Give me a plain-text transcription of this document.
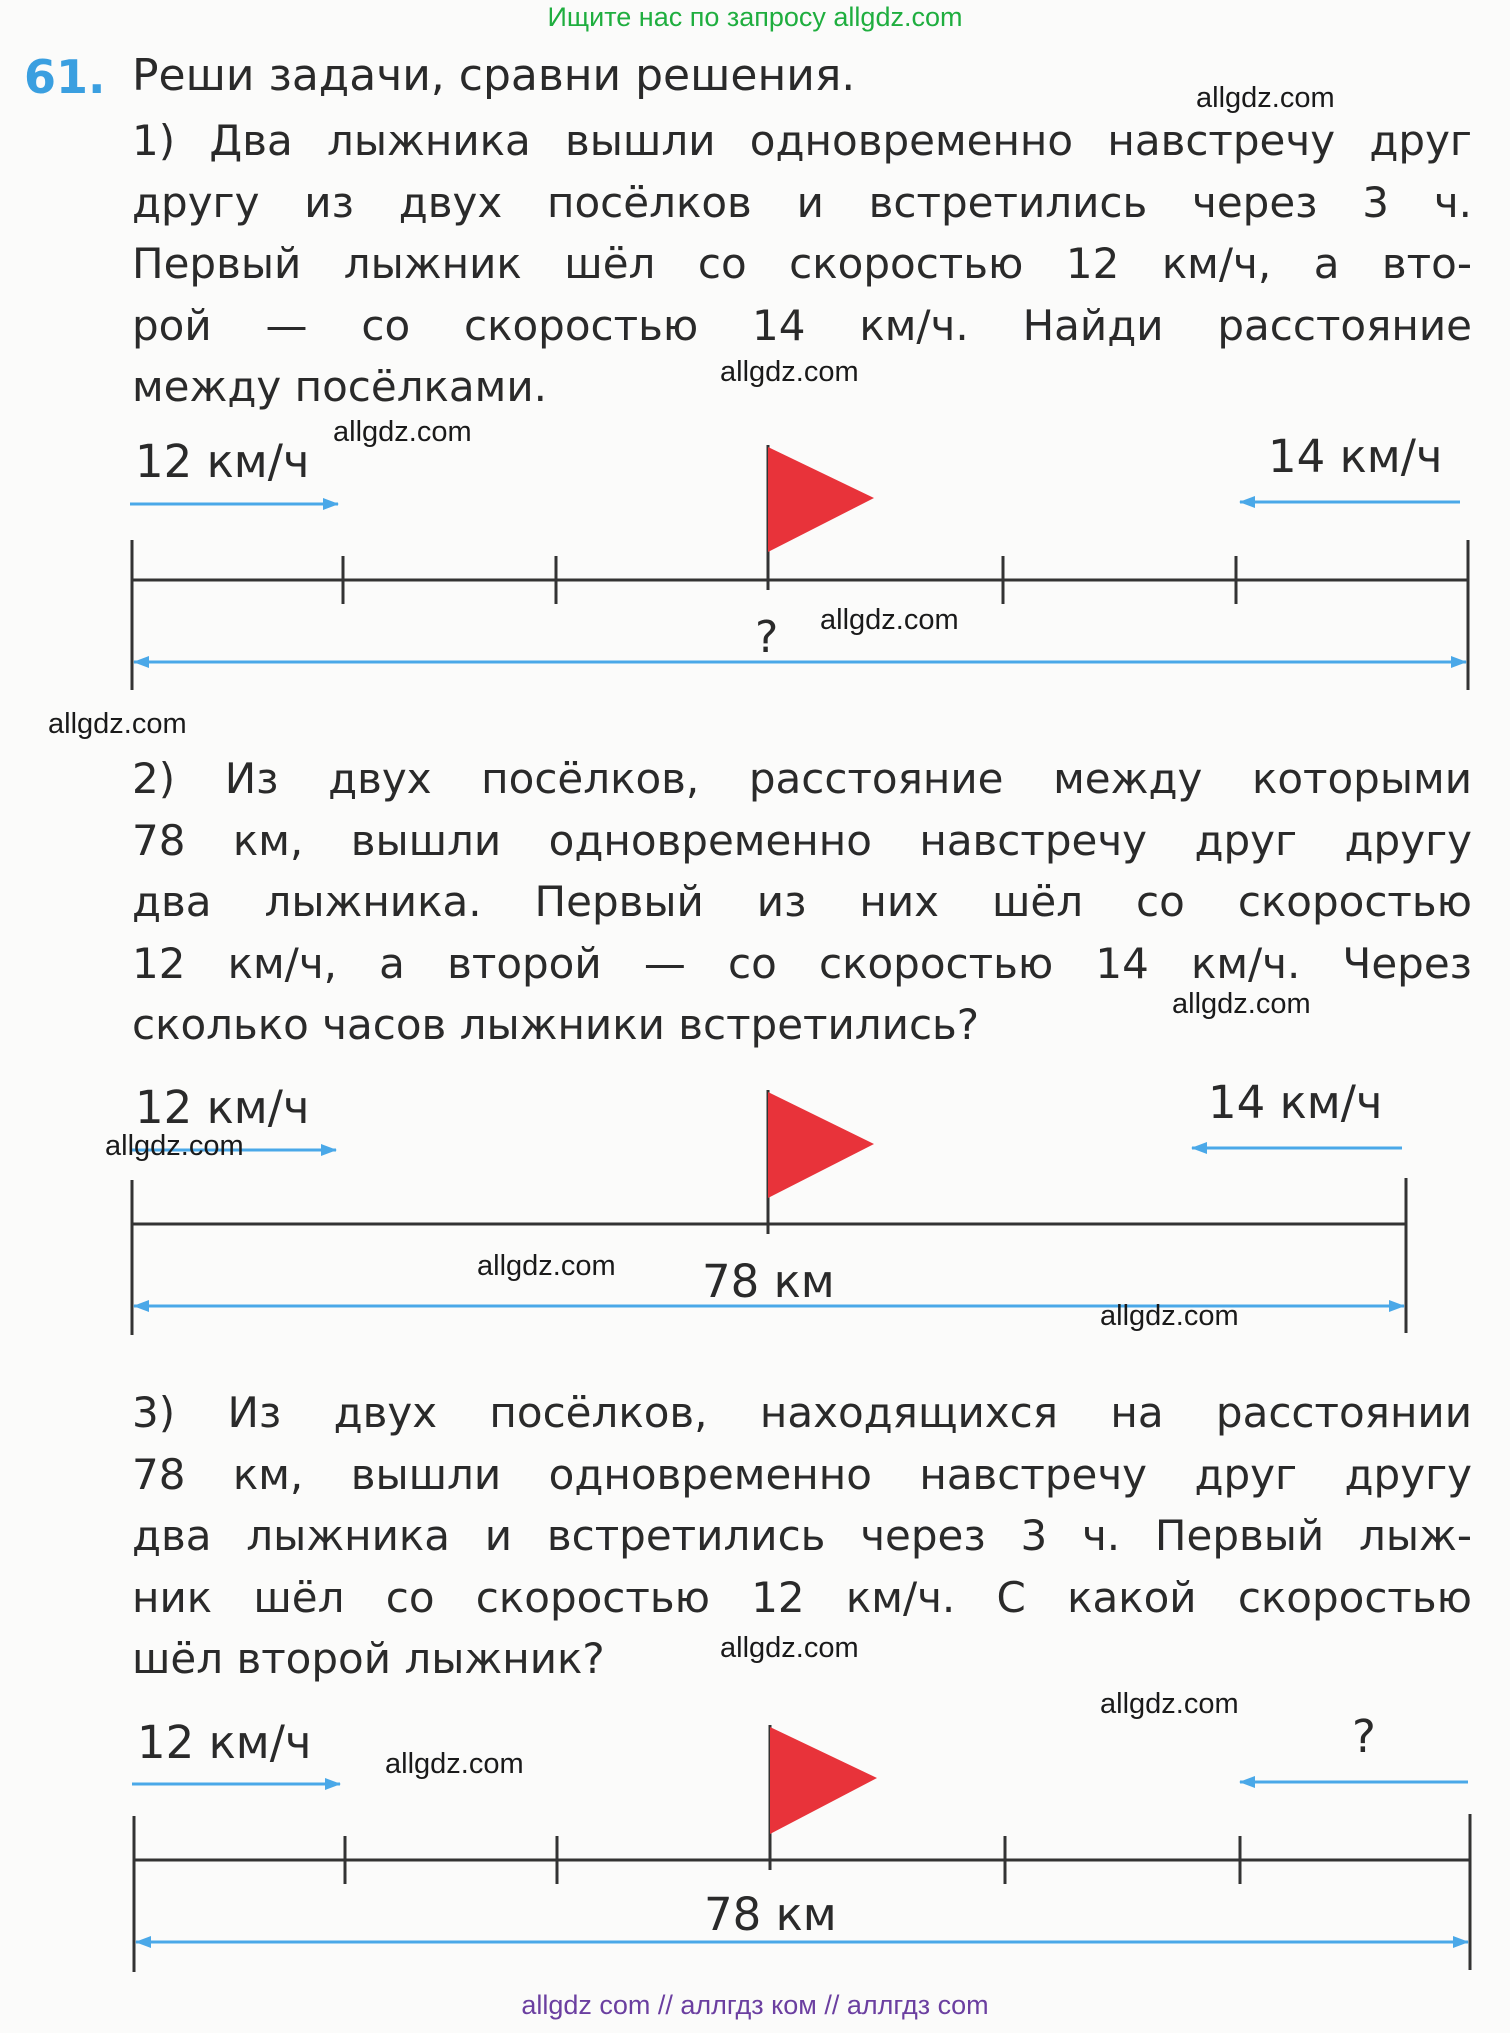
Ищите нас по запросу allgdz.com
61. Реши задачи, сравни решения.
1) Два лыжника вышли одновременно навстречу друг
другу из двух посёлков и встретились через 3 ч.
Первый лыжник шёл со скоростью 12 км/ч, а вто-
рой — со скоростью 14 км/ч. Найди расстояние
между посёлками.
12 км/ч	14 км/ч
?
2) Из двух посёлков, расстояние между которыми
78 км, вышли одновременно навстречу друг другу
два лыжника. Первый из них шёл со скоростью
12 км/ч, а второй — со скоростью 14 км/ч. Через
сколько часов лыжники встретились?
12 км/ч	14 км/ч
78 км
3) Из двух посёлков, находящихся на расстоянии
78 км, вышли одновременно навстречу друг другу
два лыжника и встретились через 3 ч. Первый лыж-
ник шёл со скоростью 12 км/ч. С какой скоростью
шёл второй лыжник?
12 км/ч	?
78 км
allgdz.com
allgdz.com
allgdz.com
allgdz.com
allgdz.com
allgdz.com
allgdz.com
allgdz.com
allgdz.com
allgdz.com
allgdz.com
allgdz.com
allgdz com // аллгдз ком // аллгдз com
